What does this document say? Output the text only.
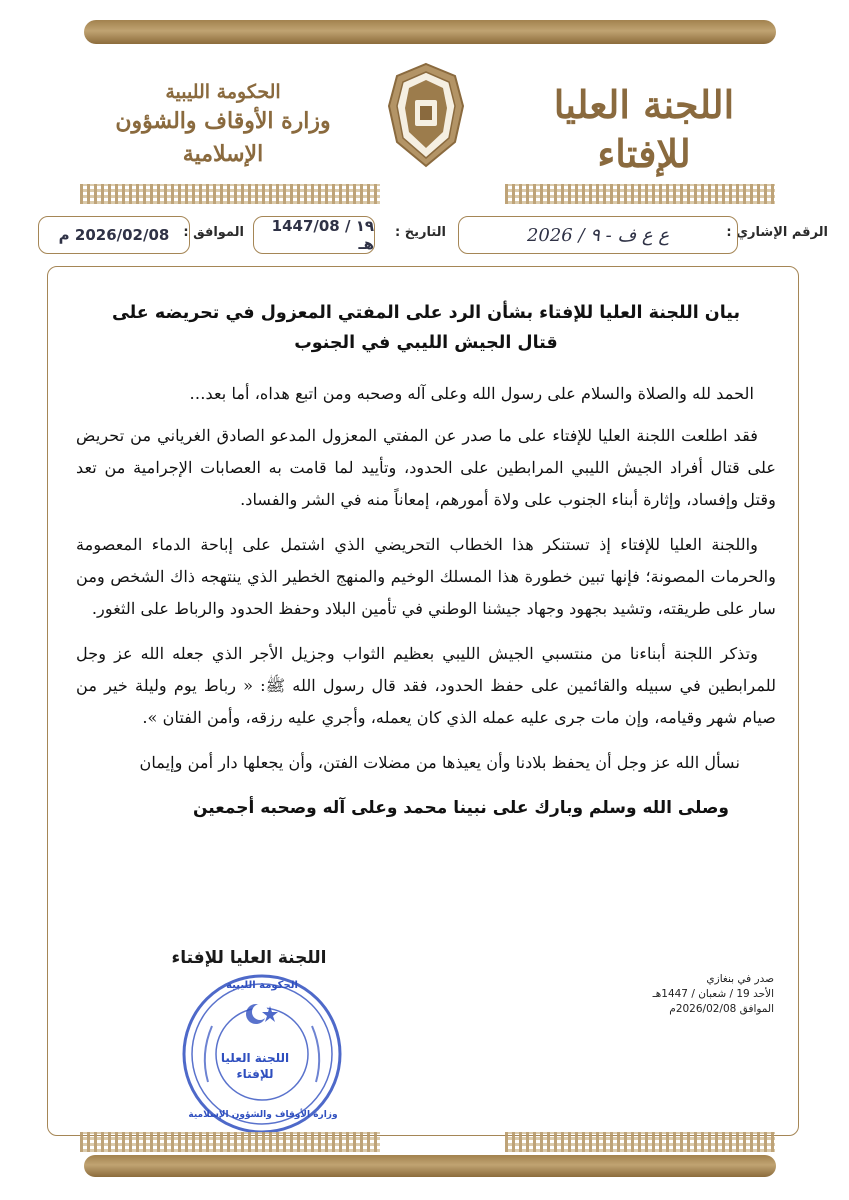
اللجنة العليا للإفتاء
الحكومة الليبية
وزارة الأوقاف والشؤون الإسلامية
الرقم الإشاري :
ع ع ف - ٩ / 2026
التاريخ :
١٩ / 1447/08 هـ
الموافق :
2026/02/08 م
بيان اللجنة العليا للإفتاء بشأن الرد على المفتي المعزول في تحريضه على قتال الجيش الليبي في الجنوب

الحمد لله والصلاة والسلام على رسول الله وعلى آله وصحبه ومن اتبع هداه، أما بعد…

فقد اطلعت اللجنة العليا للإفتاء على ما صدر عن المفتي المعزول المدعو الصادق الغرياني من تحريض على قتال أفراد الجيش الليبي المرابطين على الحدود، وتأييد لما قامت به العصابات الإجرامية من تعد وقتل وإفساد، وإثارة أبناء الجنوب على ولاة أمورهم، إمعاناً منه في الشر والفساد.

واللجنة العليا للإفتاء إذ تستنكر هذا الخطاب التحريضي الذي اشتمل على إباحة الدماء المعصومة والحرمات المصونة؛ فإنها تبين خطورة هذا المسلك الوخيم والمنهج الخطير الذي ينتهجه ذاك الشخص ومن سار على طريقته، وتشيد بجهود وجهاد جيشنا الوطني في تأمين البلاد وحفظ الحدود والرباط على الثغور.

وتذكر اللجنة أبناءنا من منتسبي الجيش الليبي بعظيم الثواب وجزيل الأجر الذي جعله الله عز وجل للمرابطين في سبيله والقائمين على حفظ الحدود، فقد قال رسول الله ﷺ: « رباط يوم وليلة خير من صيام شهر وقيامه، وإن مات جرى عليه عمله الذي كان يعمله، وأجري عليه رزقه، وأمن الفتان ».

نسأل الله عز وجل أن يحفظ بلادنا وأن يعيذها من مضلات الفتن، وأن يجعلها دار أمن وإيمان

وصلى الله وسلم وبارك على نبينا محمد وعلى آله وصحبه أجمعين
اللجنة العليا للإفتاء
صدر في بنغازي
الأحد 19 / شعبان / 1447هـ
الموافق 2026/02/08م
اللجنة العليا
للإفتاء
الحكومة الليبية
وزارة الأوقاف والشؤون الإسلامية
